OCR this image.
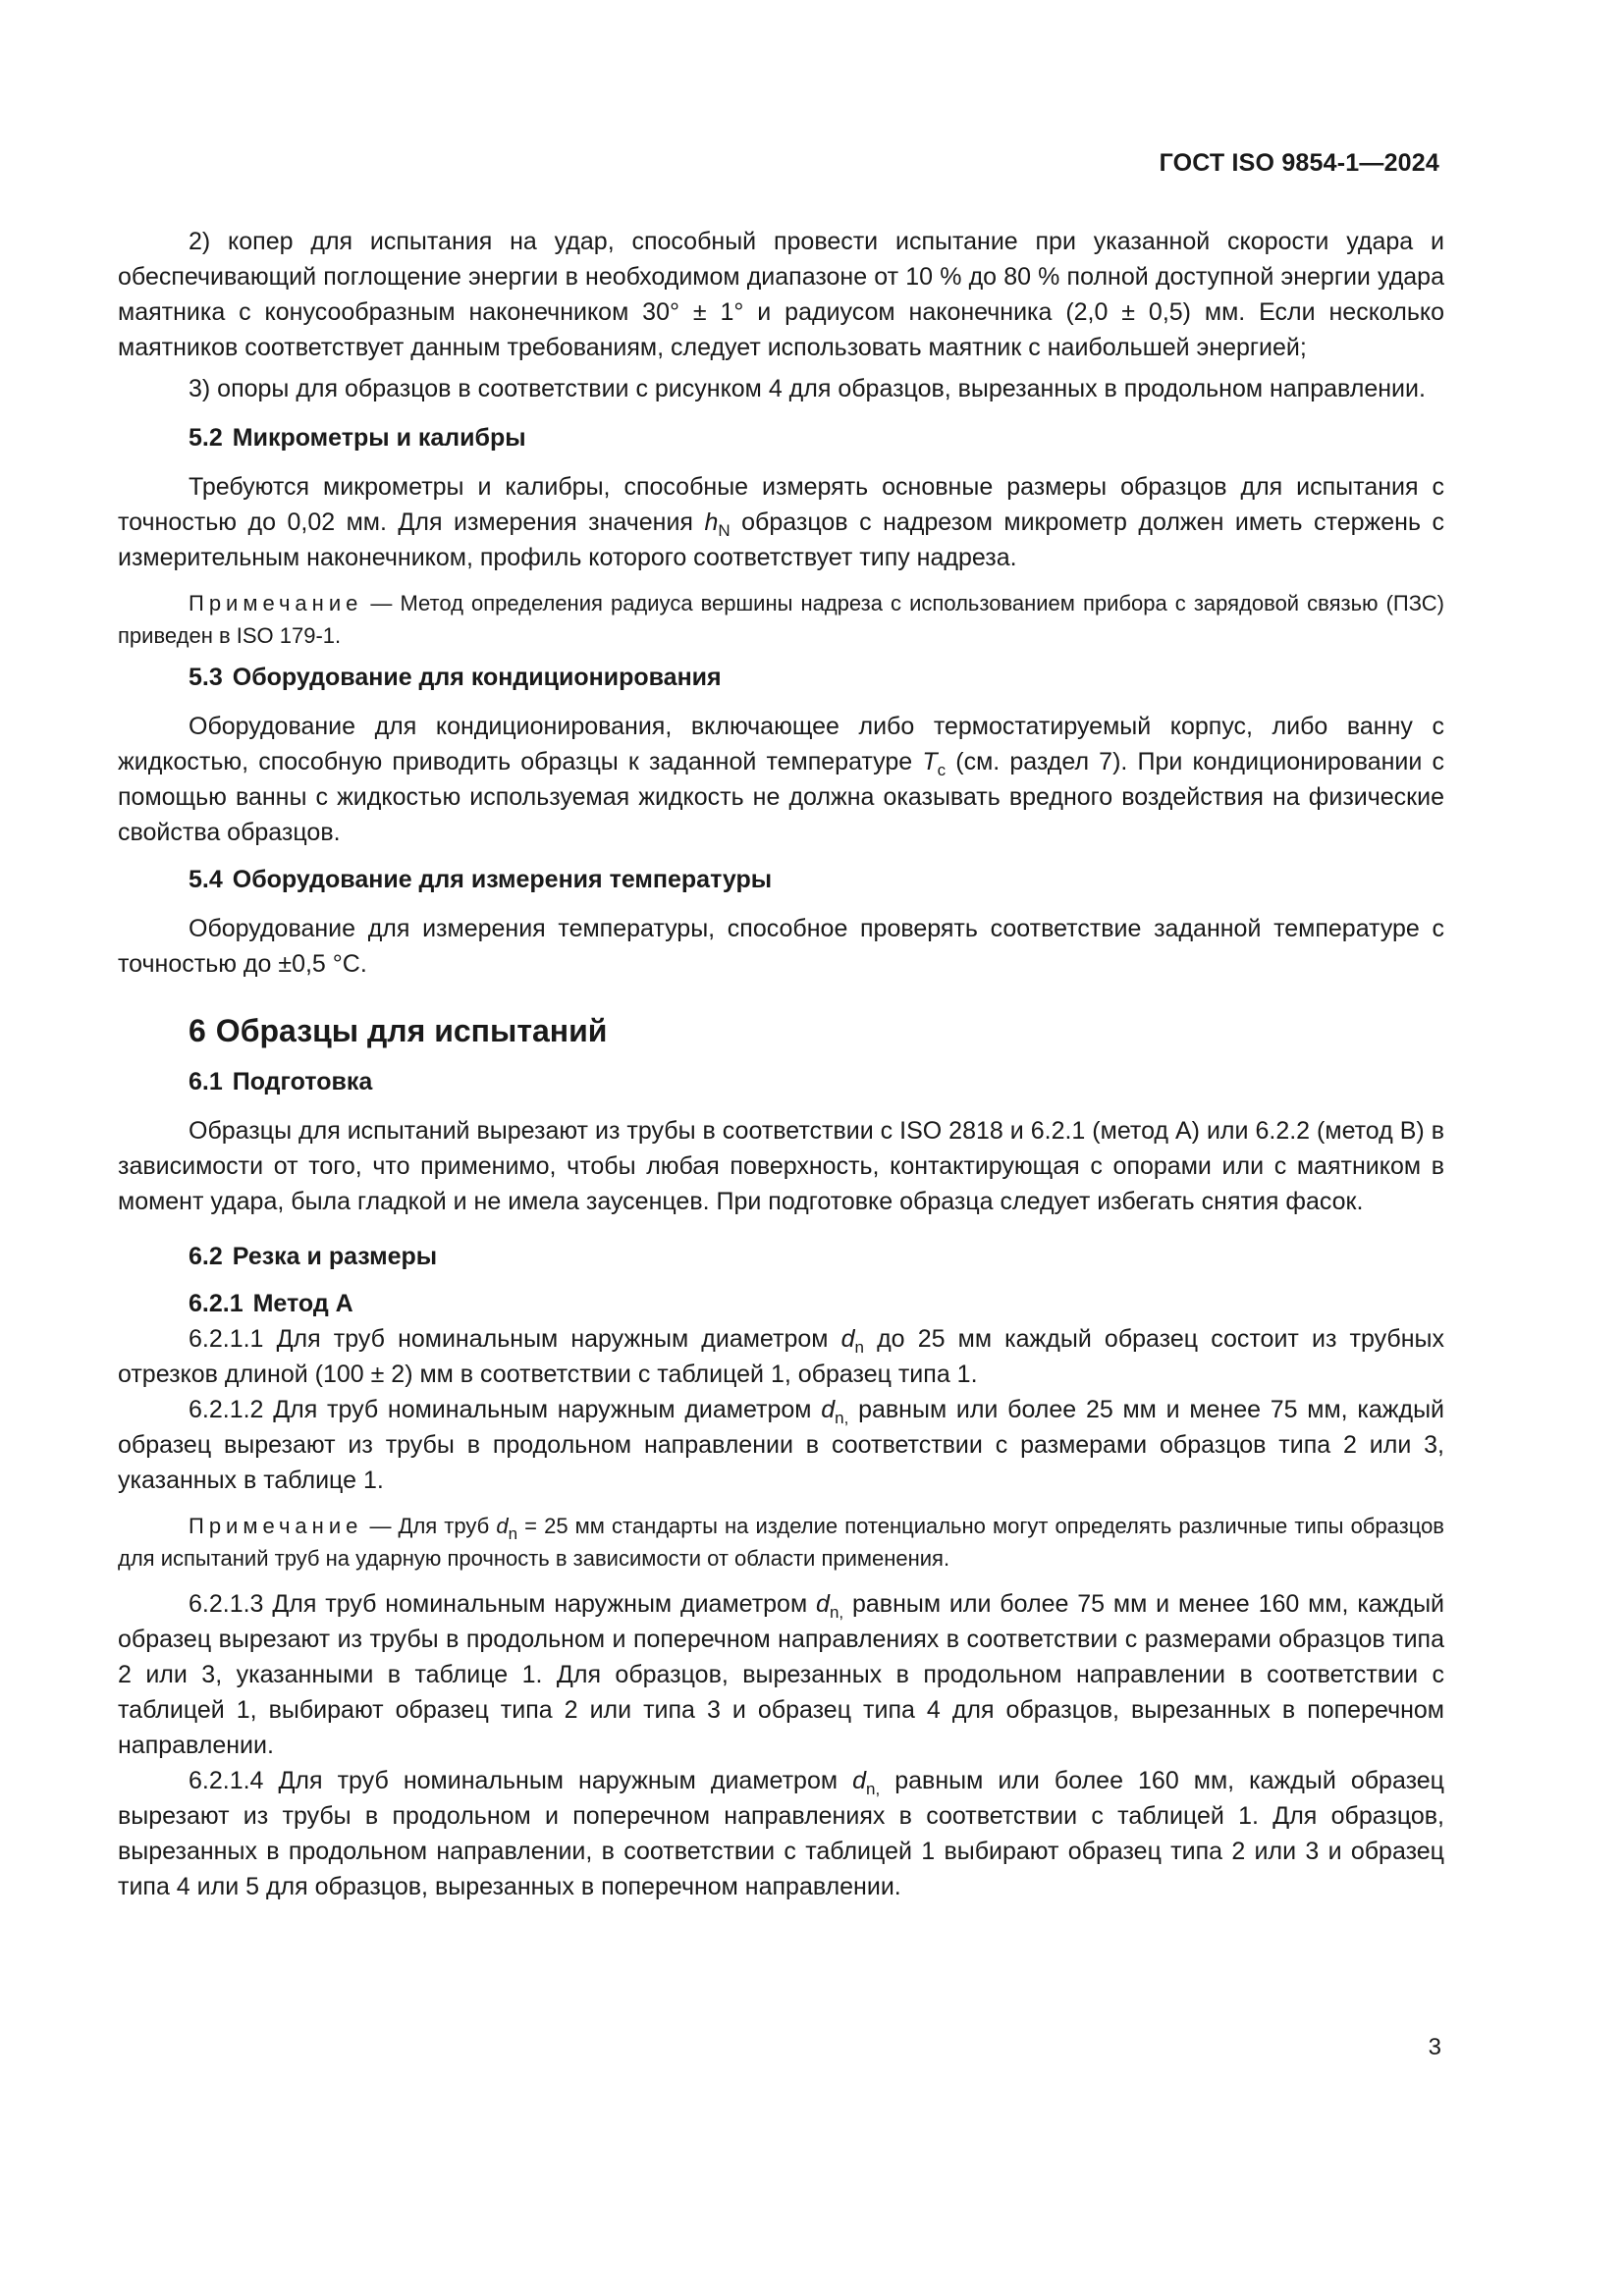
ГОСТ ISO 9854-1—2024

2) копер для испытания на удар, способный провести испытание при указанной скорости удара и обеспечивающий поглощение энергии в необходимом диапазоне от 10 % до 80 % полной доступной энергии удара маятника с конусообразным наконечником 30° ± 1° и радиусом наконечника (2,0 ± 0,5) мм. Если несколько маятников соответствует данным требованиям, следует использовать маятник с наибольшей энергией;

3) опоры для образцов в соответствии с рисунком 4 для образцов, вырезанных в продольном направлении.

5.2 Микрометры и калибры

Требуются микрометры и калибры, способные измерять основные размеры образцов для испытания с точностью до 0,02 мм. Для измерения значения $h_N$ образцов с надрезом микрометр должен иметь стержень с измерительным наконечником, профиль которого соответствует типу надреза.

Примечание — Метод определения радиуса вершины надреза с использованием прибора с зарядовой связью (ПЗС) приведен в ISO 179-1.

5.3 Оборудование для кондиционирования

Оборудование для кондиционирования, включающее либо термостатируемый корпус, либо ванну с жидкостью, способную приводить образцы к заданной температуре $T_c$ (см. раздел 7). При кондиционировании с помощью ванны с жидкостью используемая жидкость не должна оказывать вредного воздействия на физические свойства образцов.

5.4 Оборудование для измерения температуры

Оборудование для измерения температуры, способное проверять соответствие заданной температуре с точностью до ±0,5 °C.

6 Образцы для испытаний
6.1 Подготовка

Образцы для испытаний вырезают из трубы в соответствии с ISO 2818 и 6.2.1 (метод А) или 6.2.2 (метод В) в зависимости от того, что применимо, чтобы любая поверхность, контактирующая с опорами или с маятником в момент удара, была гладкой и не имела заусенцев. При подготовке образца следует избегать снятия фасок.

6.2 Резка и размеры
6.2.1 Метод А

6.2.1.1 Для труб номинальным наружным диаметром $d_n$ до 25 мм каждый образец состоит из трубных отрезков длиной (100 ± 2) мм в соответствии с таблицей 1, образец типа 1.

6.2.1.2 Для труб номинальным наружным диаметром $d_{n,}$ равным или более 25 мм и менее 75 мм, каждый образец вырезают из трубы в продольном направлении в соответствии с размерами образцов типа 2 или 3, указанных в таблице 1.

Примечание — Для труб $d_n = 25$ мм стандарты на изделие потенциально могут определять различные типы образцов для испытаний труб на ударную прочность в зависимости от области применения.

6.2.1.3 Для труб номинальным наружным диаметром $d_{n,}$ равным или более 75 мм и менее 160 мм, каждый образец вырезают из трубы в продольном и поперечном направлениях в соответствии с размерами образцов типа 2 или 3, указанными в таблице 1. Для образцов, вырезанных в продольном направлении в соответствии с таблицей 1, выбирают образец типа 2 или типа 3 и образец типа 4 для образцов, вырезанных в поперечном направлении.

6.2.1.4 Для труб номинальным наружным диаметром $d_{n,}$ равным или более 160 мм, каждый образец вырезают из трубы в продольном и поперечном направлениях в соответствии с таблицей 1. Для образцов, вырезанных в продольном направлении, в соответствии с таблицей 1 выбирают образец типа 2 или 3 и образец типа 4 или 5 для образцов, вырезанных в поперечном направлении.

3
